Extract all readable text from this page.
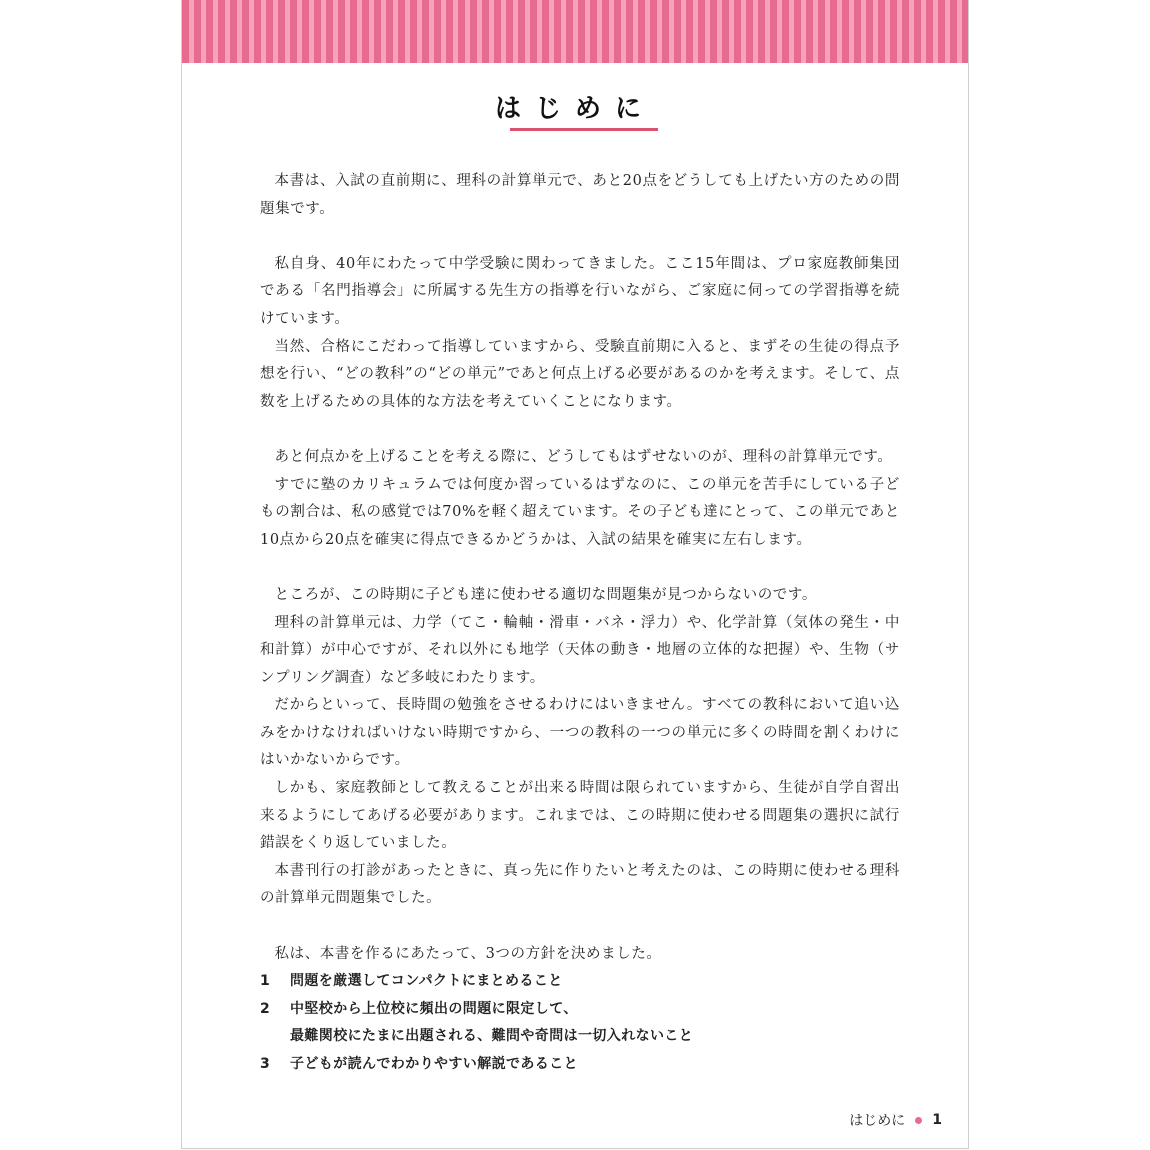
はじめに

本書は、入試の直前期に、理科の計算単元で、あと20点をどうしても上げたい方のための問題集です。

私自身、40年にわたって中学受験に関わってきました。ここ15年間は、プロ家庭教師集団である「名門指導会」に所属する先生方の指導を行いながら、ご家庭に伺っての学習指導を続けています。

当然、合格にこだわって指導していますから、受験直前期に入ると、まずその生徒の得点予想を行い、“どの教科”の“どの単元”であと何点上げる必要があるのかを考えます。そして、点数を上げるための具体的な方法を考えていくことになります。

あと何点かを上げることを考える際に、どうしてもはずせないのが、理科の計算単元です。

すでに塾のカリキュラムでは何度か習っているはずなのに、この単元を苦手にしている子どもの割合は、私の感覚では70%を軽く超えています。その子ども達にとって、この単元であと10点から20点を確実に得点できるかどうかは、入試の結果を確実に左右します。

ところが、この時期に子ども達に使わせる適切な問題集が見つからないのです。

理科の計算単元は、力学（てこ・輪軸・滑車・バネ・浮力）や、化学計算（気体の発生・中和計算）が中心ですが、それ以外にも地学（天体の動き・地層の立体的な把握）や、生物（サンプリング調査）など多岐にわたります。

だからといって、長時間の勉強をさせるわけにはいきません。すべての教科において追い込みをかけなければいけない時期ですから、一つの教科の一つの単元に多くの時間を割くわけにはいかないからです。

しかも、家庭教師として教えることが出来る時間は限られていますから、生徒が自学自習出来るようにしてあげる必要があります。これまでは、この時期に使わせる問題集の選択に試行錯誤をくり返していました。

本書刊行の打診があったときに、真っ先に作りたいと考えたのは、この時期に使わせる理科の計算単元問題集でした。

私は、本書を作るにあたって、3つの方針を決めました。

1	問題を厳選してコンパクトにまとめること
2	中堅校から上位校に頻出の問題に限定して、
最難関校にたまに出題される、難問や奇問は一切入れないこと
3	子どもが読んでわかりやすい解説であること
はじめに 1
